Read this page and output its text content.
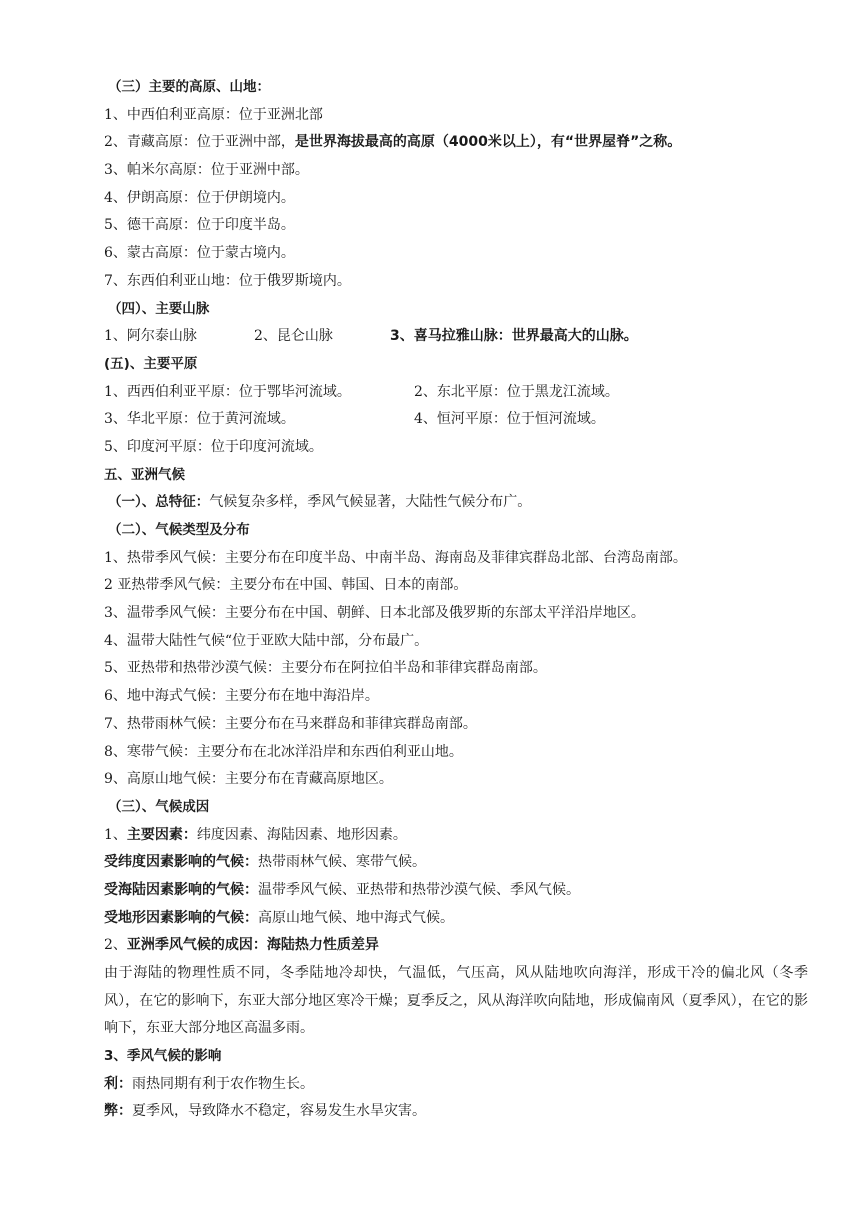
（三）主要的高原、山地：
1、中西伯利亚高原：位于亚洲北部
2、青藏高原：位于亚洲中部，是世界海拔最高的高原（4000米以上），有“世界屋脊”之称。
3、帕米尔高原：位于亚洲中部。
4、伊朗高原：位于伊朗境内。
5、德干高原：位于印度半岛。
6、蒙古高原：位于蒙古境内。
7、东西伯利亚山地：位于俄罗斯境内。
（四）、主要山脉
1、阿尔泰山脉	2、昆仑山脉	3、喜马拉雅山脉：世界最高大的山脉。
(五)、主要平原
1、西西伯利亚平原：位于鄂毕河流域。	2、东北平原：位于黑龙江流域。
3、华北平原：位于黄河流域。	4、恒河平原：位于恒河流域。
5、印度河平原：位于印度河流域。
五、亚洲气候
（一）、总特征：气候复杂多样，季风气候显著，大陆性气候分布广。
（二）、气候类型及分布
1、热带季风气候：主要分布在印度半岛、中南半岛、海南岛及菲律宾群岛北部、台湾岛南部。
2 亚热带季风气候：主要分布在中国、韩国、日本的南部。
3、温带季风气候：主要分布在中国、朝鲜、日本北部及俄罗斯的东部太平洋沿岸地区。
4、温带大陆性气候“位于亚欧大陆中部，分布最广。
5、亚热带和热带沙漠气候：主要分布在阿拉伯半岛和菲律宾群岛南部。
6、地中海式气候：主要分布在地中海沿岸。
7、热带雨林气候：主要分布在马来群岛和菲律宾群岛南部。
8、寒带气候：主要分布在北冰洋沿岸和东西伯利亚山地。
9、高原山地气候：主要分布在青藏高原地区。
（三）、气候成因
1、主要因素：纬度因素、海陆因素、地形因素。
受纬度因素影响的气候：热带雨林气候、寒带气候。
受海陆因素影响的气候：温带季风气候、亚热带和热带沙漠气候、季风气候。
受地形因素影响的气候：高原山地气候、地中海式气候。
2、亚洲季风气候的成因：海陆热力性质差异
由于海陆的物理性质不同，冬季陆地冷却快，气温低，气压高，风从陆地吹向海洋，形成干冷的偏北风（冬季风），在它的影响下，东亚大部分地区寒冷干燥；夏季反之，风从海洋吹向陆地，形成偏南风（夏季风），在它的影响下，东亚大部分地区高温多雨。
3、季风气候的影响
利：雨热同期有利于农作物生长。
弊：夏季风，导致降水不稳定，容易发生水旱灾害。
